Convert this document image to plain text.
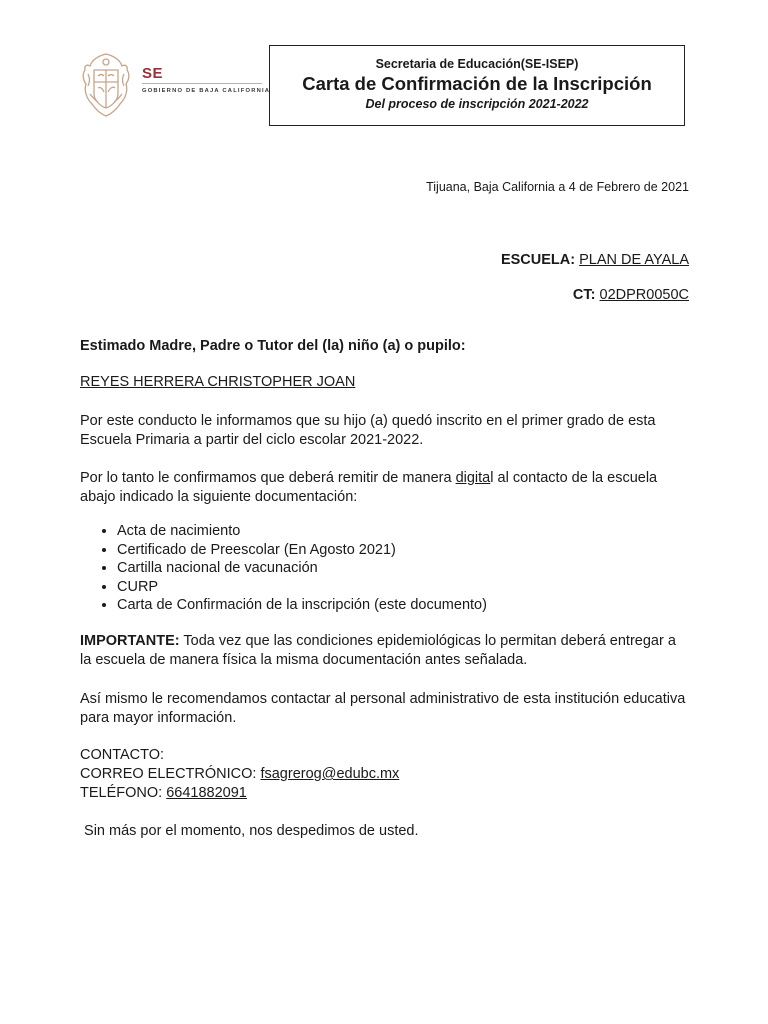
SE
GOBIERNO DE BAJA CALIFORNIA
Secretaria de Educación(SE-ISEP)
Carta de Confirmación de la Inscripción
Del proceso de inscripción 2021-2022
Tijuana, Baja California a 4 de Febrero de 2021
ESCUELA: PLAN DE AYALA
CT: 02DPR0050C
Estimado Madre, Padre o Tutor del (la) niño (a) o pupilo:
REYES HERRERA CHRISTOPHER JOAN
Por este conducto le informamos que su hijo (a) quedó inscrito en el primer grado de esta Escuela Primaria a partir del ciclo escolar 2021-2022.
Por lo tanto le confirmamos que deberá remitir de manera digital al contacto de la escuela abajo indicado la siguiente documentación:
• Acta de nacimiento
• Certificado de Preescolar (En Agosto 2021)
• Cartilla nacional de vacunación
• CURP
• Carta de Confirmación de la inscripción (este documento)
IMPORTANTE: Toda vez que las condiciones epidemiológicas lo permitan deberá entregar a la escuela de manera física la misma documentación antes señalada.
Así mismo le recomendamos contactar al personal administrativo de esta institución educativa para mayor información.
CONTACTO:
CORREO ELECTRÓNICO: fsagrerog@edubc.mx
TELÉFONO: 6641882091
Sin más por el momento, nos despedimos de usted.
